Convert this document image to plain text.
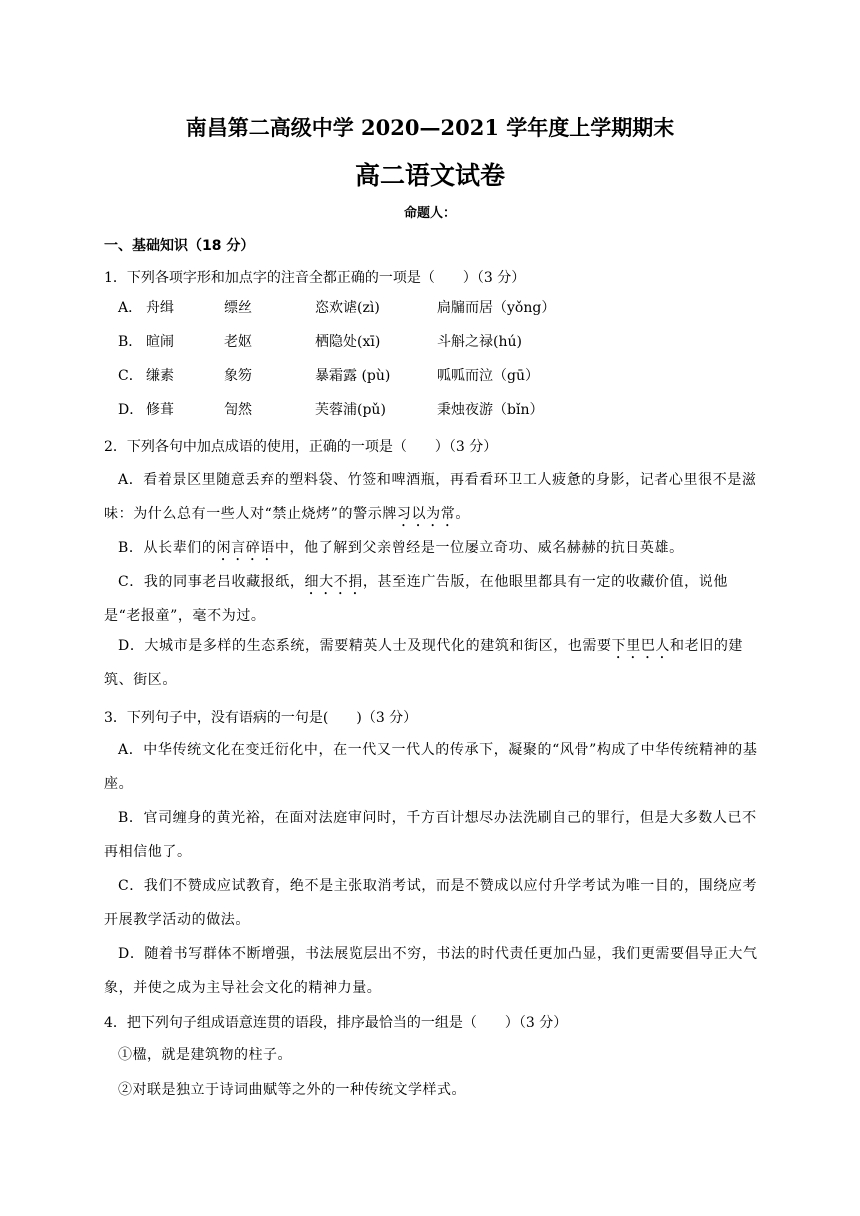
南昌第二高级中学 2020—2021 学年度上学期期末
高二语文试卷
命题人：
一、基础知识（18 分）
1．下列各项字形和加点字的注音全都正确的一项是（　　）（3 分）
A． 舟缉	缥丝	恣欢谑(zì)	扃牖而居（yǒng）
B． 暄闹	老妪	栖隐处(xī)	斗斛之禄(hú)
C． 缣素	象笏	暴霜露 (pù)	呱呱而泣（gū）
D． 修葺	訇然	芙蓉浦(pǔ)	秉烛夜游（bǐn）
2．下列各句中加点成语的使用，正确的一项是（　　）（3 分）
A．看着景区里随意丢弃的塑料袋、竹签和啤酒瓶，再看看环卫工人疲惫的身影，记者心里很不是滋味：为什么总有一些人对“禁止烧烤”的警示牌习以为常。
B．从长辈们的闲言碎语中，他了解到父亲曾经是一位屡立奇功、威名赫赫的抗日英雄。
C．我的同事老吕收藏报纸，细大不捐，甚至连广告版，在他眼里都具有一定的收藏价值，说他是“老报童”，毫不为过。
D．大城市是多样的生态系统，需要精英人士及现代化的建筑和街区，也需要下里巴人和老旧的建筑、街区。
3．下列句子中，没有语病的一句是(　　)（3 分）
A．中华传统文化在变迁衍化中，在一代又一代人的传承下，凝聚的“风骨”构成了中华传统精神的基座。
B．官司缠身的黄光裕，在面对法庭审问时，千方百计想尽办法洗刷自己的罪行，但是大多数人已不再相信他了。
C．我们不赞成应试教育，绝不是主张取消考试，而是不赞成以应付升学考试为唯一目的，围绕应考开展教学活动的做法。
D．随着书写群体不断增强，书法展览层出不穷，书法的时代责任更加凸显，我们更需要倡导正大气象，并使之成为主导社会文化的精神力量。
4．把下列句子组成语意连贯的语段，排序最恰当的一组是（　　）（3 分）
①楹，就是建筑物的柱子。
②对联是独立于诗词曲赋等之外的一种传统文学样式。
